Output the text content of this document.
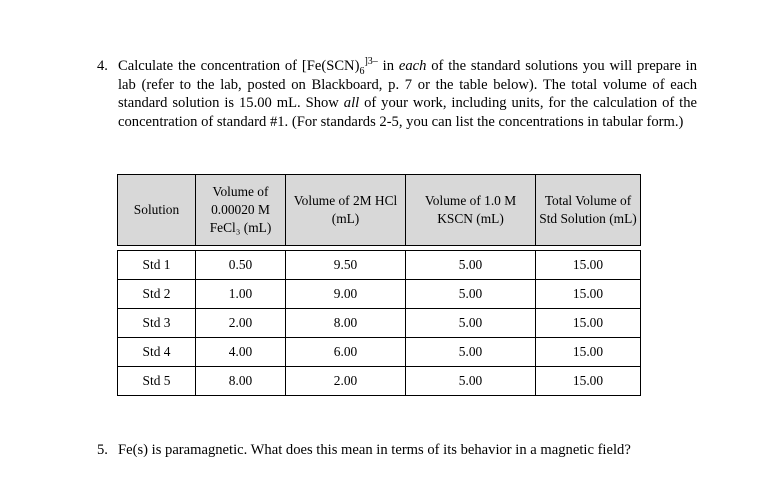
4. Calculate the concentration of [$Fe(SCN)_6^{]3-}$ in each of the standard solutions you will prepare in lab (refer to the lab, posted on Blackboard, p. 7 or the table below). The total volume of each standard solution is 15.00 mL. Show all of your work, including units, for the calculation of the concentration of standard #1. (For standards 2-5, you can list the concentrations in tabular form.)
Solution	Volume of 0.00020 M FeCl₃ (mL)	Volume of 2M HCl (mL)	Volume of 1.0 M KSCN (mL)	Total Volume of Std Solution (mL)

Std 1	0.50	9.50	5.00	15.00
Std 2	1.00	9.00	5.00	15.00
Std 3	2.00	8.00	5.00	15.00
Std 4	4.00	6.00	5.00	15.00
Std 5	8.00	2.00	5.00	15.00
5. Fe(s) is paramagnetic. What does this mean in terms of its behavior in a magnetic field?
